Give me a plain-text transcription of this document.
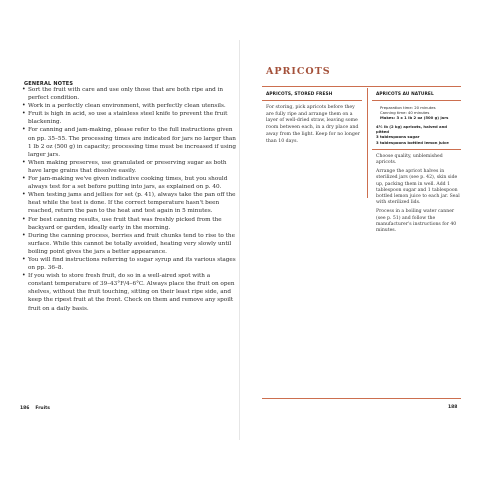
GENERAL NOTES
• Sort the fruit with care and use only those that are both ripe and in perfect condition.
• Work in a perfectly clean environment, with perfectly clean utensils.
• Fruit is high in acid, so use a stainless steel knife to prevent the fruit blackening.
• For canning and jam-making, please refer to the full instructions given on pp. 35–55. The processing times are indicated for jars no larger than 1 lb 2 oz (500 g) in capacity; processing time must be increased if using larger jars.
• When making preserves, use granulated or preserving sugar as both have large grains that dissolve easily.
• For jam-making we've given indicative cooking times, but you should always test for a set before putting into jars, as explained on p. 40.
• When testing jams and jellies for set (p. 41), always take the pan off the heat while the test is done. If the correct temperature hasn't been reached, return the pan to the heat and test again in 5 minutes.
• For best canning results, use fruit that was freshly picked from the backyard or garden, ideally early in the morning.
• During the canning process, berries and fruit chunks tend to rise to the surface. While this cannot be totally avoided, heating very slowly until boiling point gives the jars a better appearance.
• You will find instructions referring to sugar syrup and its various stages on pp. 36–8.
• If you wish to store fresh fruit, do so in a well-aired spot with a constant temperature of 39–43°F/4–6°C. Always place the fruit on open shelves, without the fruit touching, sitting on their least ripe side, and keep the ripest fruit at the front. Check on them and remove any spoilt fruit on a daily basis.
186 Fruits
APRICOTS
APRICOTS, STORED FRESH

For storing, pick apricots before they are fully ripe and arrange them on a layer of well-dried straw, leaving some room between each, in a dry place and away from the light. Keep for no longer than 10 days.

APRICOTS AU NATUREL
Preparation time: 20 minutes
Canning time: 40 minutes
Makes: 3 x 1 lb 2 oz (500 g) jars
4½ lb (2 kg) apricots, halved and pitted
3 tablespoons sugar
3 tablespoons bottled lemon juice

Choose quality, unblemished apricots.

Arrange the apricot halves in sterilized jars (see p. 42), skin side up, packing them in well. Add 1 tablespoon sugar and 1 tablespoon bottled lemon juice to each jar. Seal with sterilized lids.

Process in a boiling water canner (see p. 51) and follow the manufacturer's instructions for 40 minutes.

188
